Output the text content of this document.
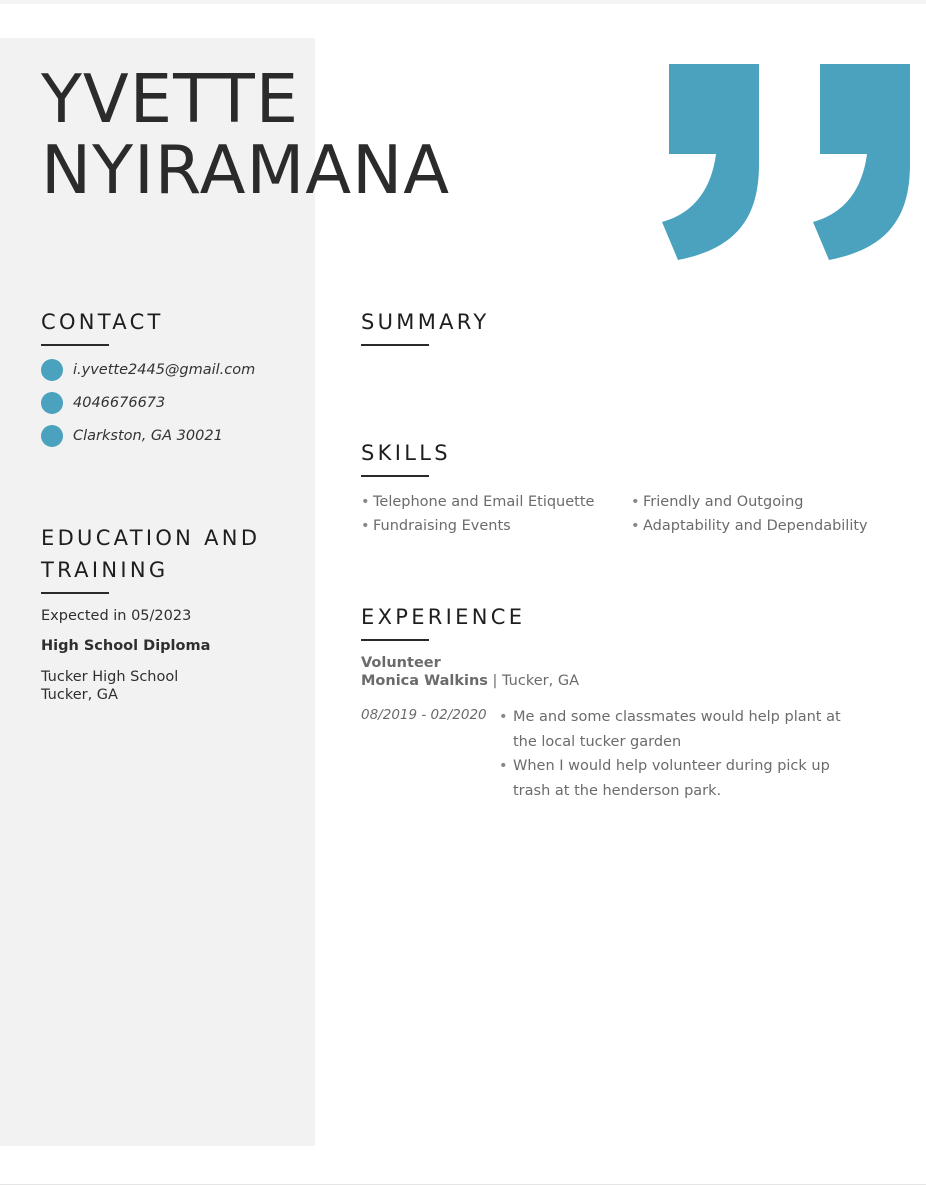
YVETTE
NYIRAMANA
CONTACT
i.yvette2445@gmail.com
4046676673
Clarkston, GA 30021
EDUCATION AND TRAINING
Expected in 05/2023
High School Diploma
Tucker High School
Tucker, GA
SUMMARY
SKILLS
• Telephone and Email Etiquette
• Fundraising Events
• Friendly and Outgoing
• Adaptability and Dependability
EXPERIENCE
Volunteer
Monica Walkins | Tucker, GA
08/2019 - 02/2020 • Me and some classmates would help plant at the local tucker garden
• When I would help volunteer during pick up trash at the henderson park.
